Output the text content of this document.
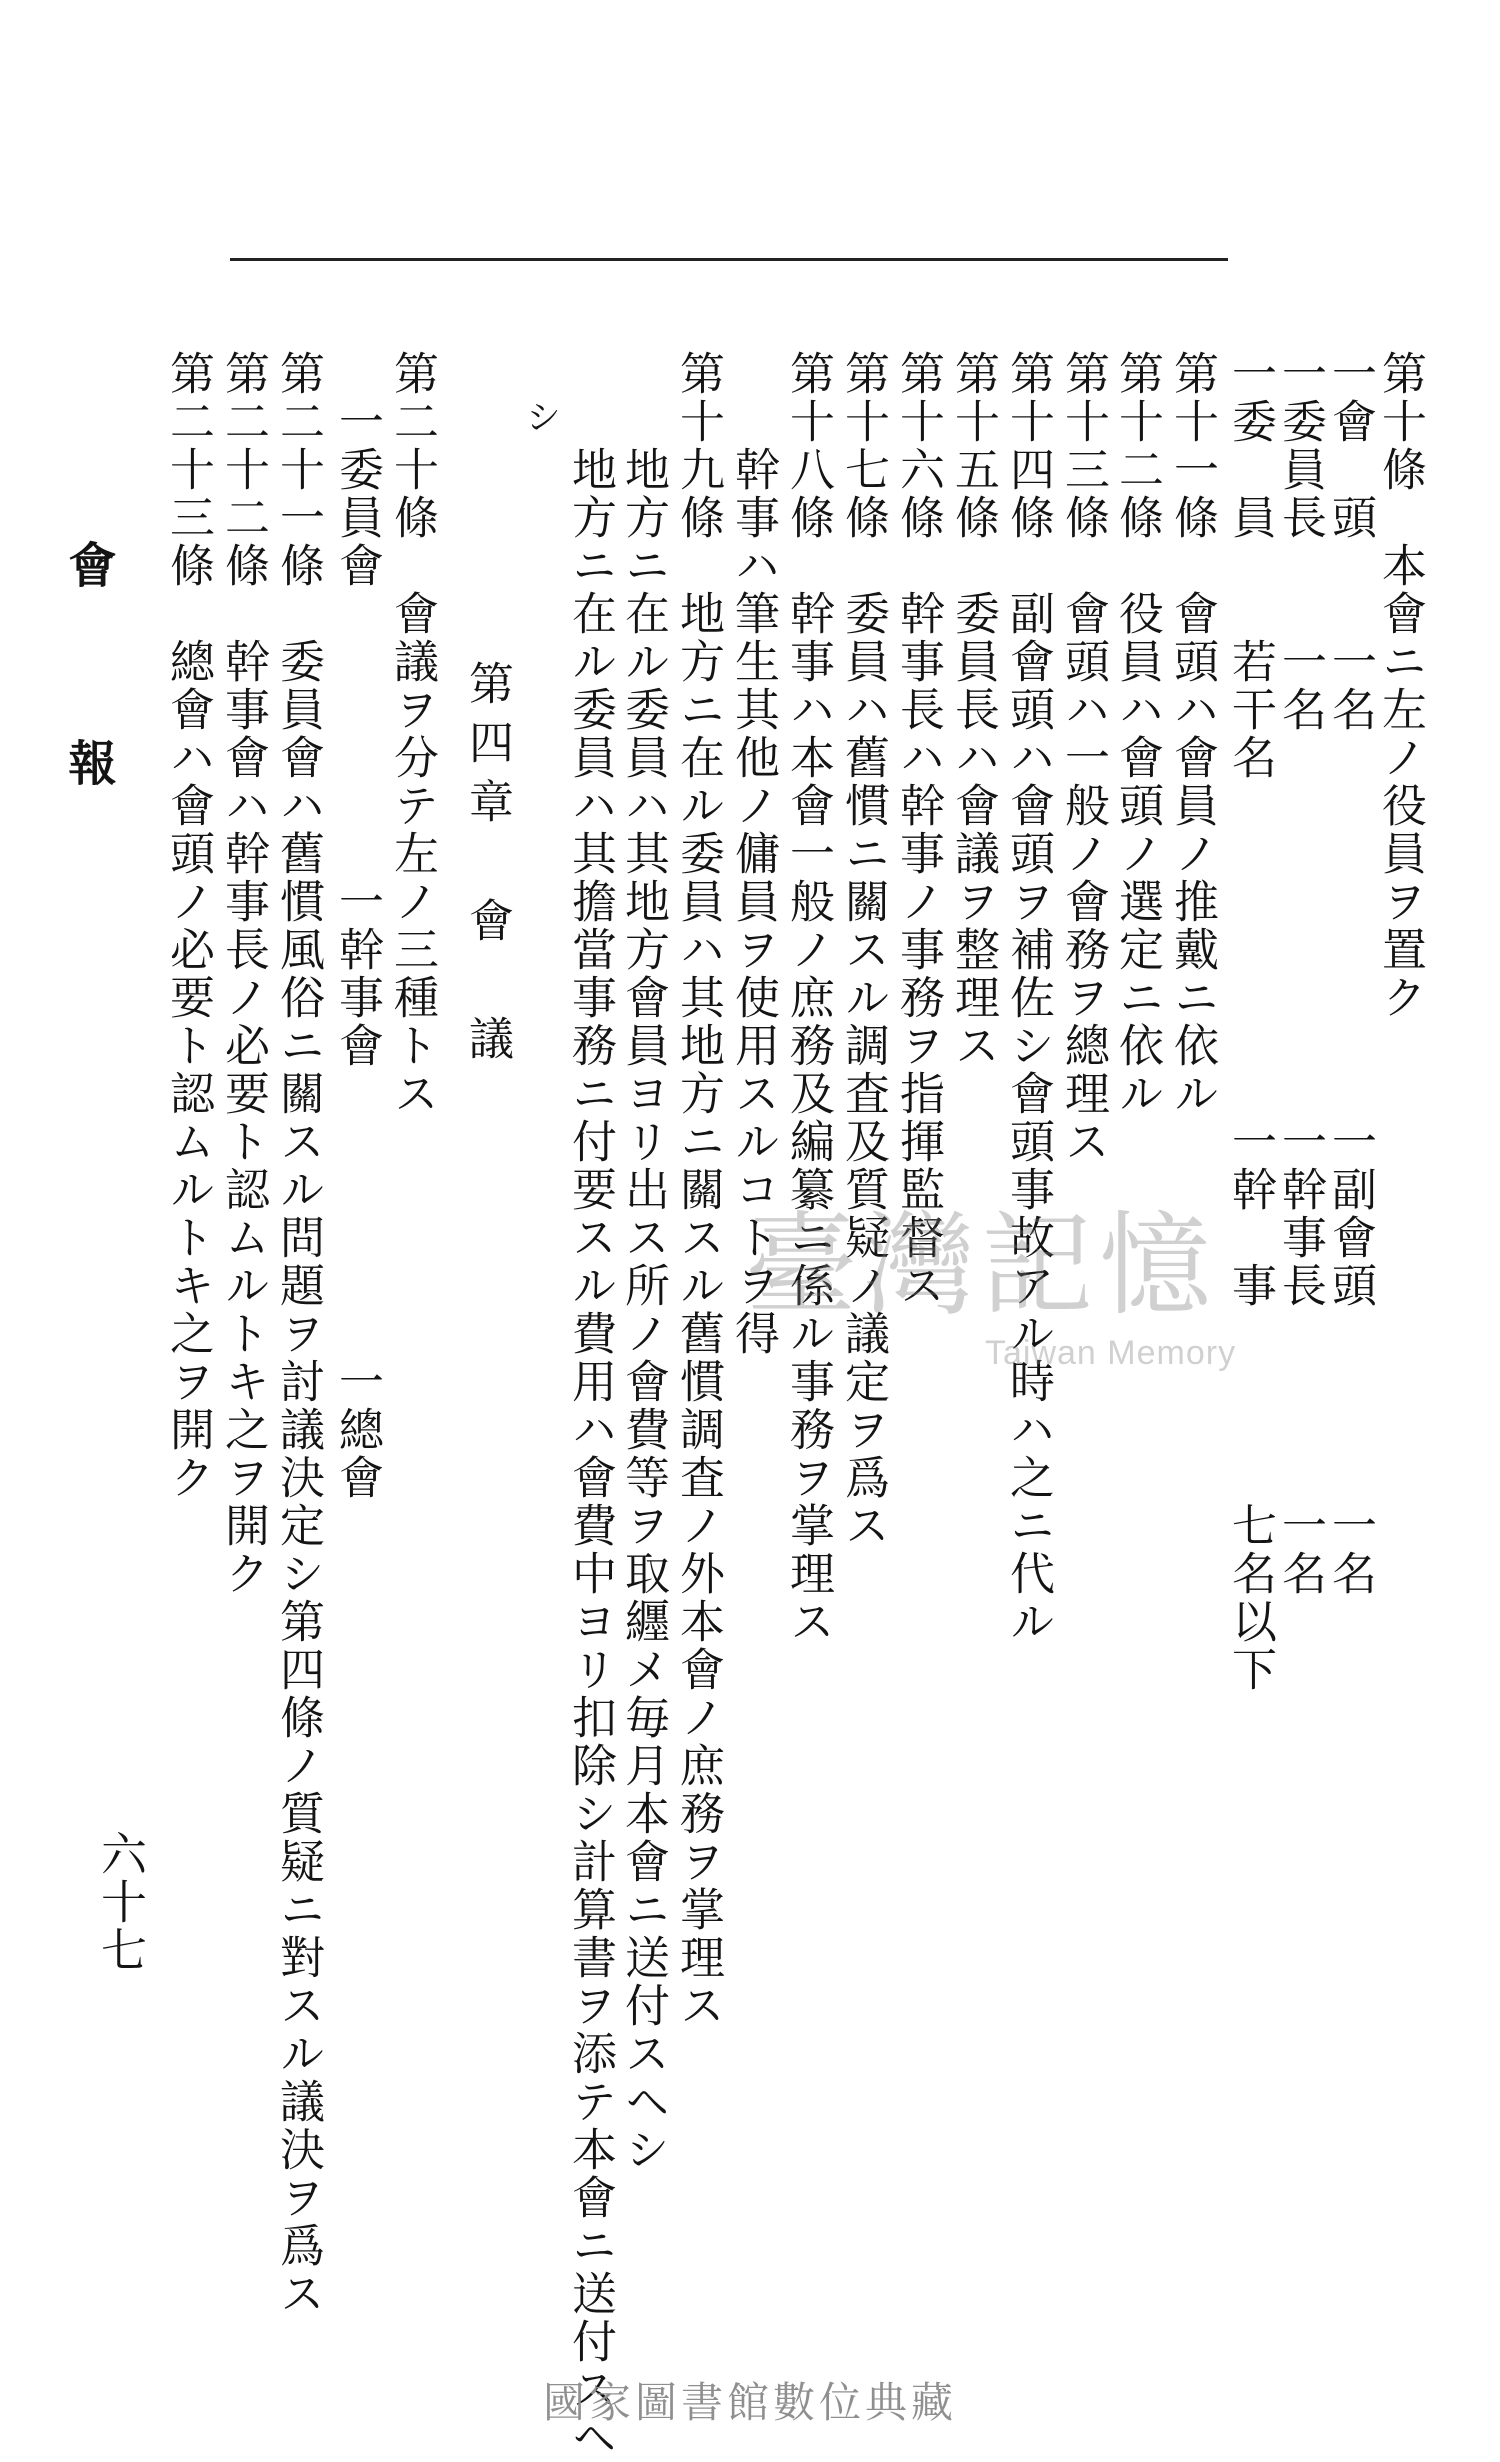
第十條　本會ニ左ノ役員ヲ置ク
一會　頭　　一名　　　　　　　　一副會頭　　　　一名
一委員長　　一名　　　　　　　　一幹事長　　　　一名
一委　員　　若干名　　　　　　　一幹　事　　　　七名以下
第十一條　會頭ハ會員ノ推戴ニ依ル
第十二條　役員ハ會頭ノ選定ニ依ル
第十三條　會頭ハ一般ノ會務ヲ總理ス
第十四條　副會頭ハ會頭ヲ補佐シ會頭事故アル時ハ之ニ代ル
第十五條　委員長ハ會議ヲ整理ス
第十六條　幹事長ハ幹事ノ事務ヲ指揮監督ス
第十七條　委員ハ舊慣ニ關スル調査及質疑ノ議定ヲ爲ス
第十八條　幹事ハ本會一般ノ庶務及編纂ニ係ル事務ヲ掌理ス
　幹事ハ筆生其他ノ傭員ヲ使用スルコトヲ得
第十九條　地方ニ在ル委員ハ其地方ニ關スル舊慣調査ノ外本會ノ庶務ヲ掌理ス
　地方ニ在ル委員ハ其地方會員ヨリ出ス所ノ會費等ヲ取纒メ毎月本會ニ送付スヘシ
　地方ニ在ル委員ハ其擔當事務ニ付要スル費用ハ會費中ヨリ扣除シ計算書ヲ添テ本會ニ送付スヘ
シ
第四章會　議
第二十條　會議ヲ分テ左ノ三種トス
一委員會　　　　　　一幹事會　　　　　　一總會
第二十一條　委員會ハ舊慣風俗ニ關スル問題ヲ討議決定シ第四條ノ質疑ニ對スル議決ヲ爲ス
第二十二條　幹事會ハ幹事長ノ必要ト認ムルトキ之ヲ開ク
第二十三條　總會ハ會頭ノ必要ト認ムルトキ之ヲ開ク
會報
六十七
臺灣記憶
Taiwan Memory
國家圖書館數位典藏
